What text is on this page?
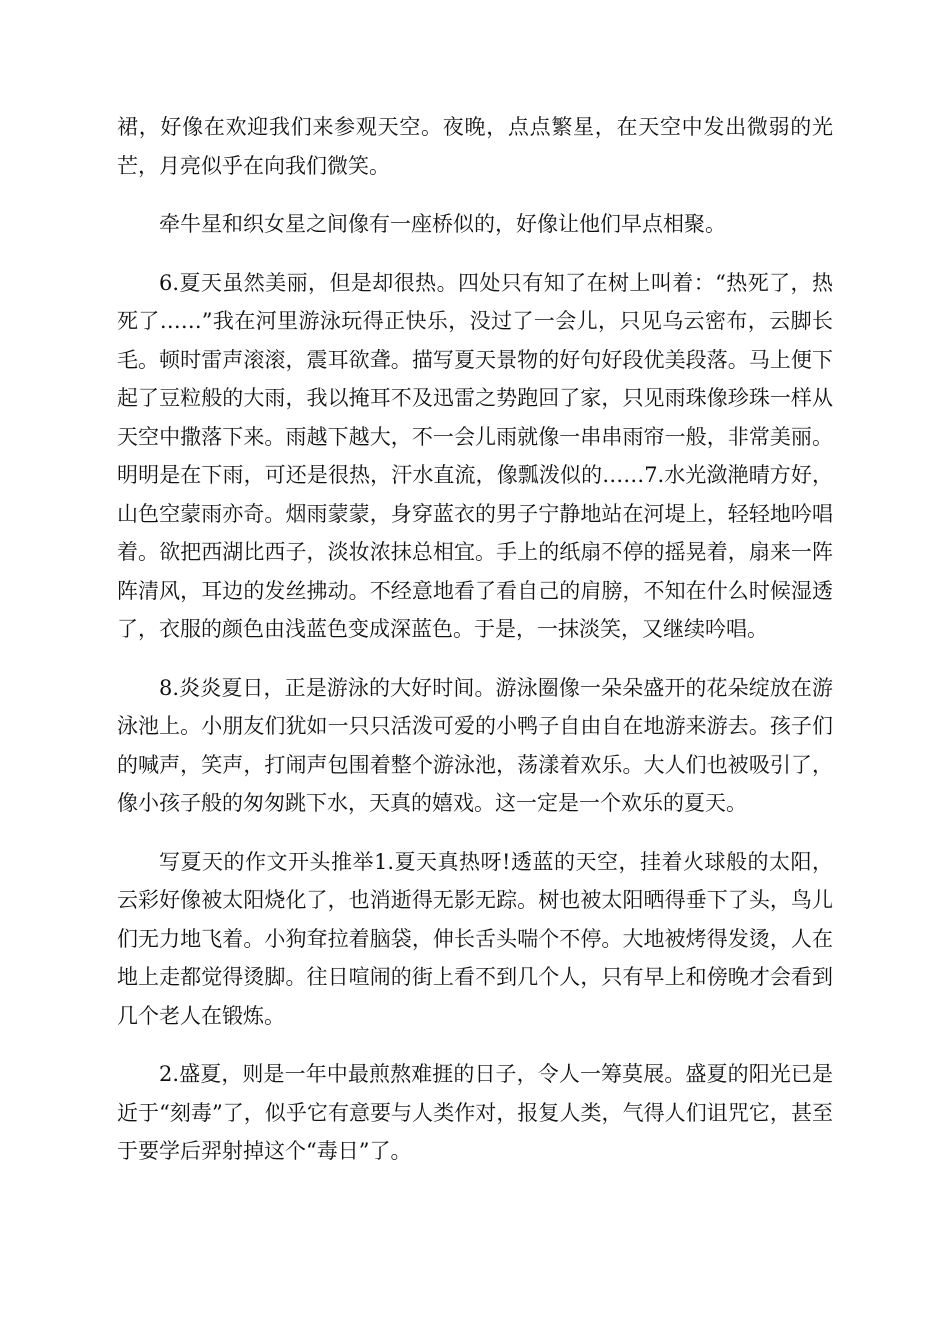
裙，好像在欢迎我们来参观天空。夜晚，点点繁星，在天空中发出微弱的光芒，月亮似乎在向我们微笑。

牵牛星和织女星之间像有一座桥似的，好像让他们早点相聚。

6.夏天虽然美丽，但是却很热。四处只有知了在树上叫着：“热死了，热死了……”我在河里游泳玩得正快乐，没过了一会儿，只见乌云密布，云脚长毛。顿时雷声滚滚，震耳欲聋。描写夏天景物的好句好段优美段落。马上便下起了豆粒般的大雨，我以掩耳不及迅雷之势跑回了家，只见雨珠像珍珠一样从天空中撒落下来。雨越下越大，不一会儿雨就像一串串雨帘一般，非常美丽。明明是在下雨，可还是很热，汗水直流，像瓢泼似的……7.水光潋滟晴方好，山色空蒙雨亦奇。烟雨蒙蒙，身穿蓝衣的男子宁静地站在河堤上，轻轻地吟唱着。欲把西湖比西子，淡妆浓抹总相宜。手上的纸扇不停的摇晃着，扇来一阵阵清风，耳边的发丝拂动。不经意地看了看自己的肩膀，不知在什么时候湿透了，衣服的颜色由浅蓝色变成深蓝色。于是，一抹淡笑，又继续吟唱。

8.炎炎夏日，正是游泳的大好时间。游泳圈像一朵朵盛开的花朵绽放在游泳池上。小朋友们犹如一只只活泼可爱的小鸭子自由自在地游来游去。孩子们的喊声，笑声，打闹声包围着整个游泳池，荡漾着欢乐。大人们也被吸引了，像小孩子般的匆匆跳下水，天真的嬉戏。这一定是一个欢乐的夏天。

写夏天的作文开头推举1.夏天真热呀!透蓝的天空，挂着火球般的太阳，云彩好像被太阳烧化了，也消逝得无影无踪。树也被太阳晒得垂下了头，鸟儿们无力地飞着。小狗耷拉着脑袋，伸长舌头喘个不停。大地被烤得发烫，人在地上走都觉得烫脚。往日喧闹的街上看不到几个人，只有早上和傍晚才会看到几个老人在锻炼。

2.盛夏，则是一年中最煎熬难捱的日子，令人一筹莫展。盛夏的阳光已是近于“刻毒”了，似乎它有意要与人类作对，报复人类，气得人们诅咒它，甚至于要学后羿射掉这个“毒日”了。
